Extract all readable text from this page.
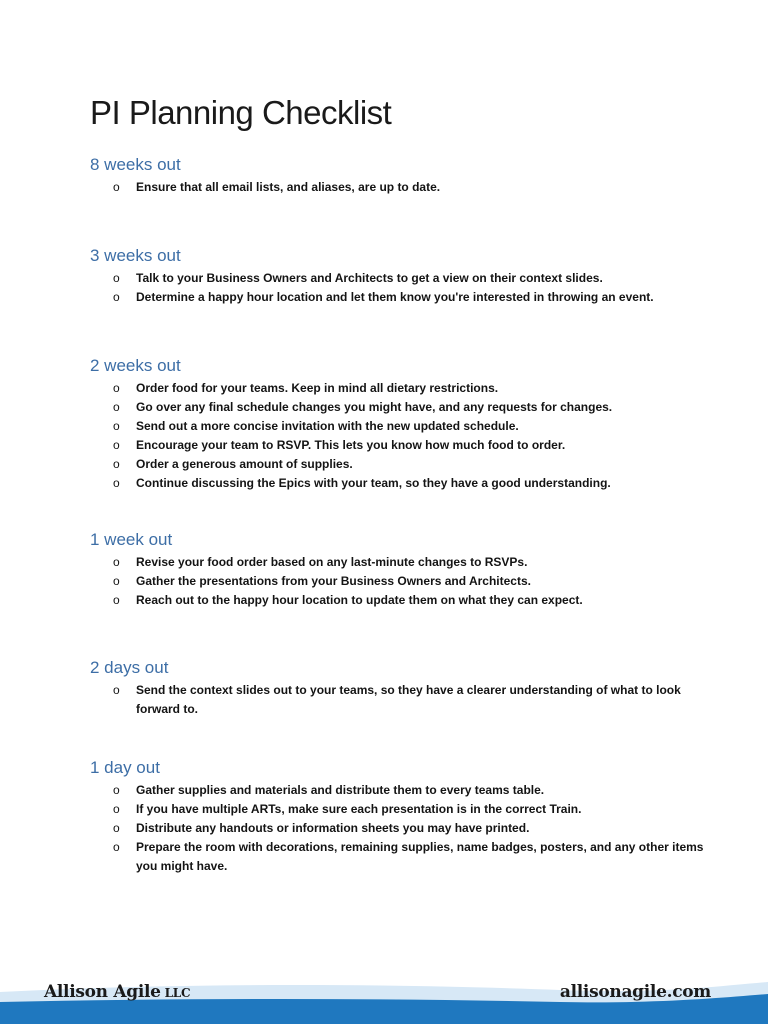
PI Planning Checklist
8 weeks out
o Ensure that all email lists, and aliases, are up to date.
3 weeks out
o Talk to your Business Owners and Architects to get a view on their context slides.
o Determine a happy hour location and let them know you're interested in throwing an event.
2 weeks out
o Order food for your teams. Keep in mind all dietary restrictions.
o Go over any final schedule changes you might have, and any requests for changes.
o Send out a more concise invitation with the new updated schedule.
o Encourage your team to RSVP. This lets you know how much food to order.
o Order a generous amount of supplies.
o Continue discussing the Epics with your team, so they have a good understanding.
1 week out
o Revise your food order based on any last-minute changes to RSVPs.
o Gather the presentations from your Business Owners and Architects.
o Reach out to the happy hour location to update them on what they can expect.
2 days out
o Send the context slides out to your teams, so they have a clearer understanding of what to look forward to.
1 day out
o Gather supplies and materials and distribute them to every teams table.
o If you have multiple ARTs, make sure each presentation is in the correct Train.
o Distribute any handouts or information sheets you may have printed.
o Prepare the room with decorations, remaining supplies, name badges, posters, and any other items you might have.
Allison Agile LLC	allisonagile.com
